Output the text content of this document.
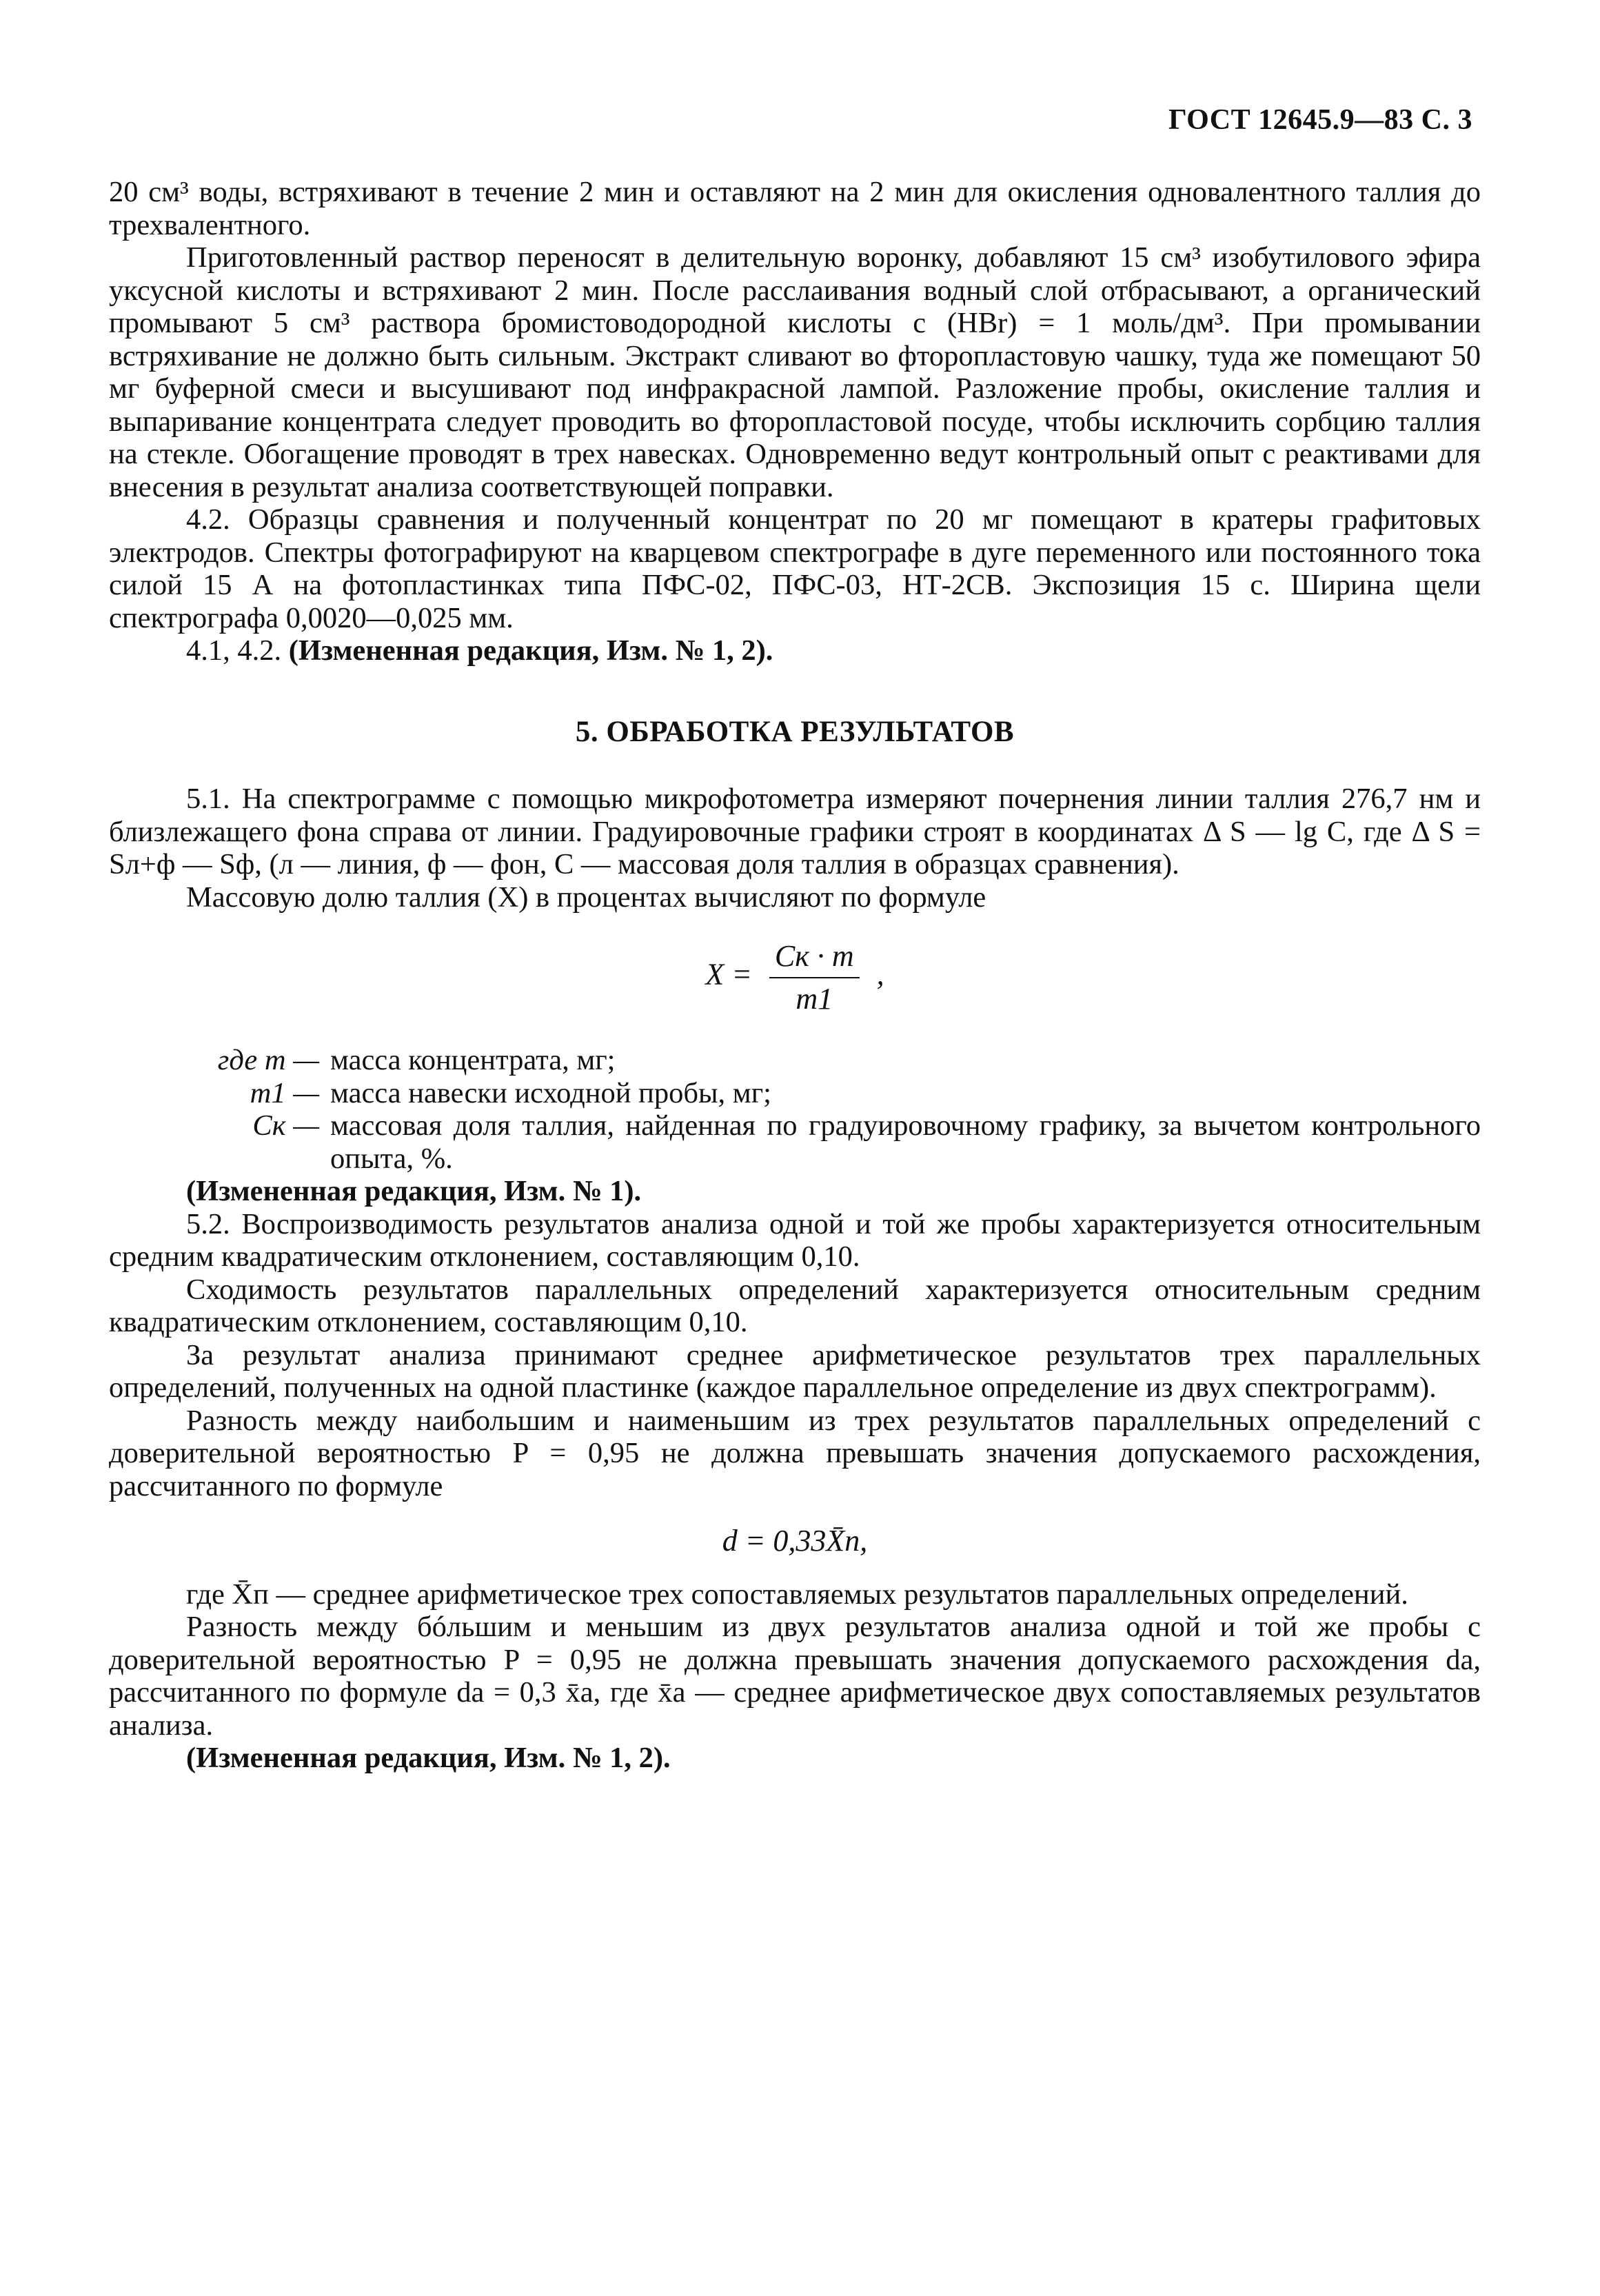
ГОСТ 12645.9—83 С. 3

20 см³ воды, встряхивают в течение 2 мин и оставляют на 2 мин для окисления одновалентного таллия до трехвалентного.

Приготовленный раствор переносят в делительную воронку, добавляют 15 см³ изобутилового эфира уксусной кислоты и встряхивают 2 мин. После расслаивания водный слой отбрасывают, а органический промывают 5 см³ раствора бромистоводородной кислоты c (HBr) = 1 моль/дм³. При промывании встряхивание не должно быть сильным. Экстракт сливают во фторопластовую чашку, туда же помещают 50 мг буферной смеси и высушивают под инфракрасной лампой. Разложение пробы, окисление таллия и выпаривание концентрата следует проводить во фторопластовой посуде, чтобы исключить сорбцию таллия на стекле. Обогащение проводят в трех навесках. Одновременно ведут контрольный опыт с реактивами для внесения в результат анализа соответствующей поправки.

4.2. Образцы сравнения и полученный концентрат по 20 мг помещают в кратеры графитовых электродов. Спектры фотографируют на кварцевом спектрографе в дуге переменного или постоянного тока силой 15 А на фотопластинках типа ПФС-02, ПФС-03, НТ-2СВ. Экспозиция 15 с. Ширина щели спектрографа 0,0020—0,025 мм.

4.1, 4.2. (Измененная редакция, Изм. № 1, 2).

5. ОБРАБОТКА РЕЗУЛЬТАТОВ

5.1. На спектрограмме с помощью микрофотометра измеряют почернения линии таллия 276,7 нм и близлежащего фона справа от линии. Градуировочные графики строят в координатах Δ S — lg C, где Δ S = Sл+ф — Sф, (л — линия, ф — фон, C — массовая доля таллия в образцах сравнения).

Массовую долю таллия (X) в процентах вычисляют по формуле

$X = \frac{Cк \cdot m}{m1}$ ,
где m — масса концентрата, мг;
m1 — масса навески исходной пробы, мг;
Cк — массовая доля таллия, найденная по градуировочному графику, за вычетом контрольного опыта, %.

(Измененная редакция, Изм. № 1).

5.2. Воспроизводимость результатов анализа одной и той же пробы характеризуется относительным средним квадратическим отклонением, составляющим 0,10.

Сходимость результатов параллельных определений характеризуется относительным средним квадратическим отклонением, составляющим 0,10.

За результат анализа принимают среднее арифметическое результатов трех параллельных определений, полученных на одной пластинке (каждое параллельное определение из двух спектрограмм).

Разность между наибольшим и наименьшим из трех результатов параллельных определений с доверительной вероятностью P = 0,95 не должна превышать значения допускаемого расхождения, рассчитанного по формуле

d = 0,33X̄п,

где X̄п — среднее арифметическое трех сопоставляемых результатов параллельных определений.

Разность между бóльшим и меньшим из двух результатов анализа одной и той же пробы с доверительной вероятностью P = 0,95 не должна превышать значения допускаемого расхождения dа, рассчитанного по формуле dа = 0,3 x̄а, где x̄а — среднее арифметическое двух сопоставляемых результатов анализа.

(Измененная редакция, Изм. № 1, 2).
